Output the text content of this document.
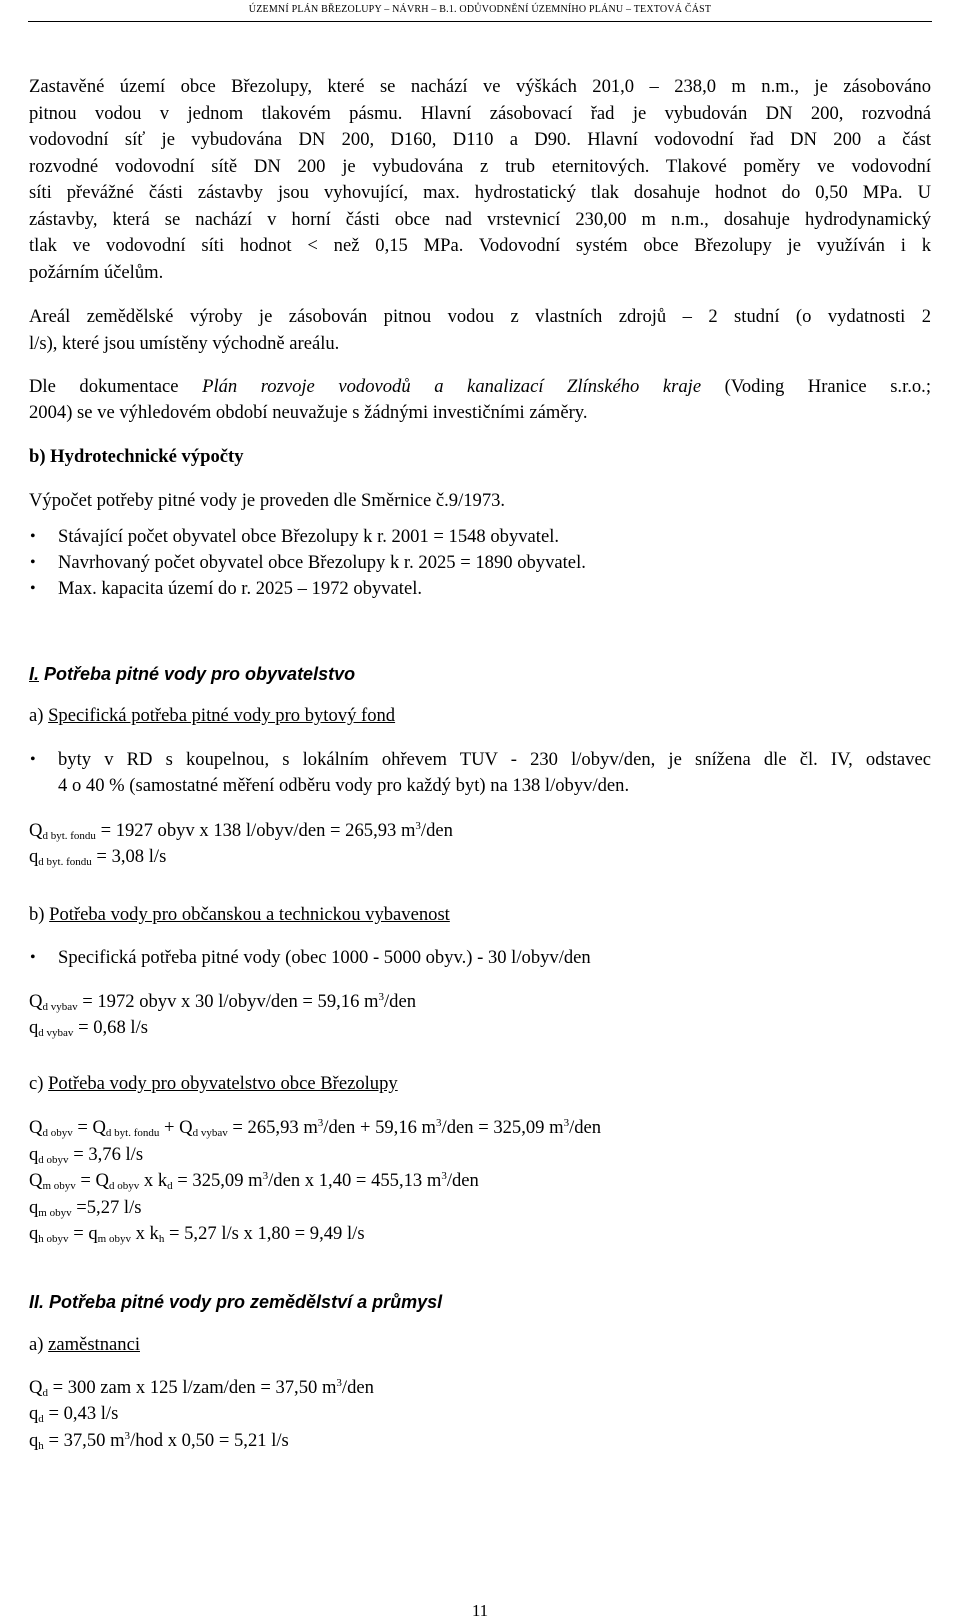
ÚZEMNÍ PLÁN BŘEZOLUPY – NÁVRH – B.1. ODŮVODNĚNÍ ÚZEMNÍHO PLÁNU – TEXTOVÁ ČÁST
Zastavěné území obce Březolupy, které se nachází ve výškách 201,0 – 238,0 m n.m., je zásobováno
pitnou vodou v jednom tlakovém pásmu. Hlavní zásobovací řad je vybudován DN 200, rozvodná
vodovodní síť je vybudována DN 200, D160, D110 a D90. Hlavní vodovodní řad DN 200 a část
rozvodné vodovodní sítě DN 200 je vybudována z trub eternitových. Tlakové poměry ve vodovodní
síti převážné části zástavby jsou vyhovující, max. hydrostatický tlak dosahuje hodnot do 0,50 MPa. U
zástavby, která se nachází v horní části obce nad vrstevnicí 230,00 m n.m., dosahuje hydrodynamický
tlak ve vodovodní síti hodnot < než 0,15 MPa. Vodovodní systém obce Březolupy je využíván i k
požárním účelům.
Areál zemědělské výroby je zásobován pitnou vodou z vlastních zdrojů – 2 studní (o vydatnosti 2
l/s), které jsou umístěny východně areálu.
Dle dokumentace Plán rozvoje vodovodů a kanalizací Zlínského kraje (Voding Hranice s.r.o.;
2004) se ve výhledovém období neuvažuje s žádnými investičními záměry.
b) Hydrotechnické výpočty
Výpočet potřeby pitné vody je proveden dle Směrnice č.9/1973.
• Stávající počet obyvatel obce Březolupy k r. 2001 = 1548 obyvatel.
• Navrhovaný počet obyvatel obce Březolupy k r. 2025 = 1890 obyvatel.
• Max. kapacita území do r. 2025 – 1972 obyvatel.
I. Potřeba pitné vody pro obyvatelstvo
a) Specifická potřeba pitné vody pro bytový fond
• byty v RD s koupelnou, s lokálním ohřevem TUV - 230 l/obyv/den, je snížena dle čl. IV, odstavec
4 o 40 % (samostatné měření odběru vody pro každý byt) na 138 l/obyv/den.
$Q_{d byt. fondu} = 1927$ obyv x 138 l/obyv/den = 265,93 $m^3$/den
$q_{d byt. fondu} = 3,08$ l/s
b) Potřeba vody pro občanskou a technickou vybavenost
• Specifická potřeba pitné vody (obec 1000 - 5000 obyv.) - 30 l/obyv/den
$Q_{d vybav} = 1972$ obyv x 30 l/obyv/den = 59,16 $m^3$/den
$q_{d vybav} = 0,68$ l/s
c) Potřeba vody pro obyvatelstvo obce Březolupy
$Q_{d obyv} = Q_{d byt. fondu} + Q_{d vybav} = 265,93$ $m^3$/den + 59,16 $m^3$/den = 325,09 $m^3$/den
$q_{d obyv} = 3,76$ l/s
$Q_{m obyv} = Q_{d obyv}$ x $k_d = 325,09$ $m^3$/den x 1,40 = 455,13 $m^3$/den
$q_{m obyv} =5,27$ l/s
$q_{h obyv} = q_{m obyv}$ x $k_h = 5,27$ l/s x 1,80 = 9,49 l/s
II. Potřeba pitné vody pro zemědělství a průmysl
a) zaměstnanci
$Q_d = 300$ zam x 125 l/zam/den = 37,50 $m^3$/den
$q_d = 0,43$ l/s
$q_h = 37,50$ $m^3$/hod x 0,50 = 5,21 l/s
11
